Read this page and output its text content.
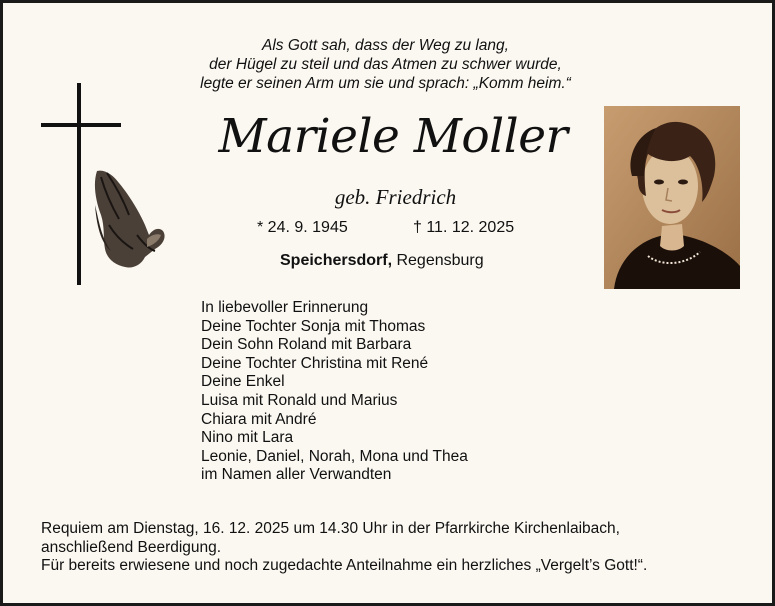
Als Gott sah, dass der Weg zu lang,
der Hügel zu steil und das Atmen zu schwer wurde,
legte er seinen Arm um sie und sprach: „Komm heim.“
Mariele Moller
geb. Friedrich
* 24. 9. 1945	† 11. 12. 2025
Speichersdorf, Regensburg
In liebevoller Erinnerung
Deine Tochter Sonja mit Thomas
Dein Sohn Roland mit Barbara
Deine Tochter Christina mit René
Deine Enkel
Luisa mit Ronald und Marius
Chiara mit André
Nino mit Lara
Leonie, Daniel, Norah, Mona und Thea
im Namen aller Verwandten
Requiem am Dienstag, 16. 12. 2025 um 14.30 Uhr in der Pfarrkirche Kirchenlaibach,
anschließend Beerdigung.
Für bereits erwiesene und noch zugedachte Anteilnahme ein herzliches „Vergelt’s Gott!“.
